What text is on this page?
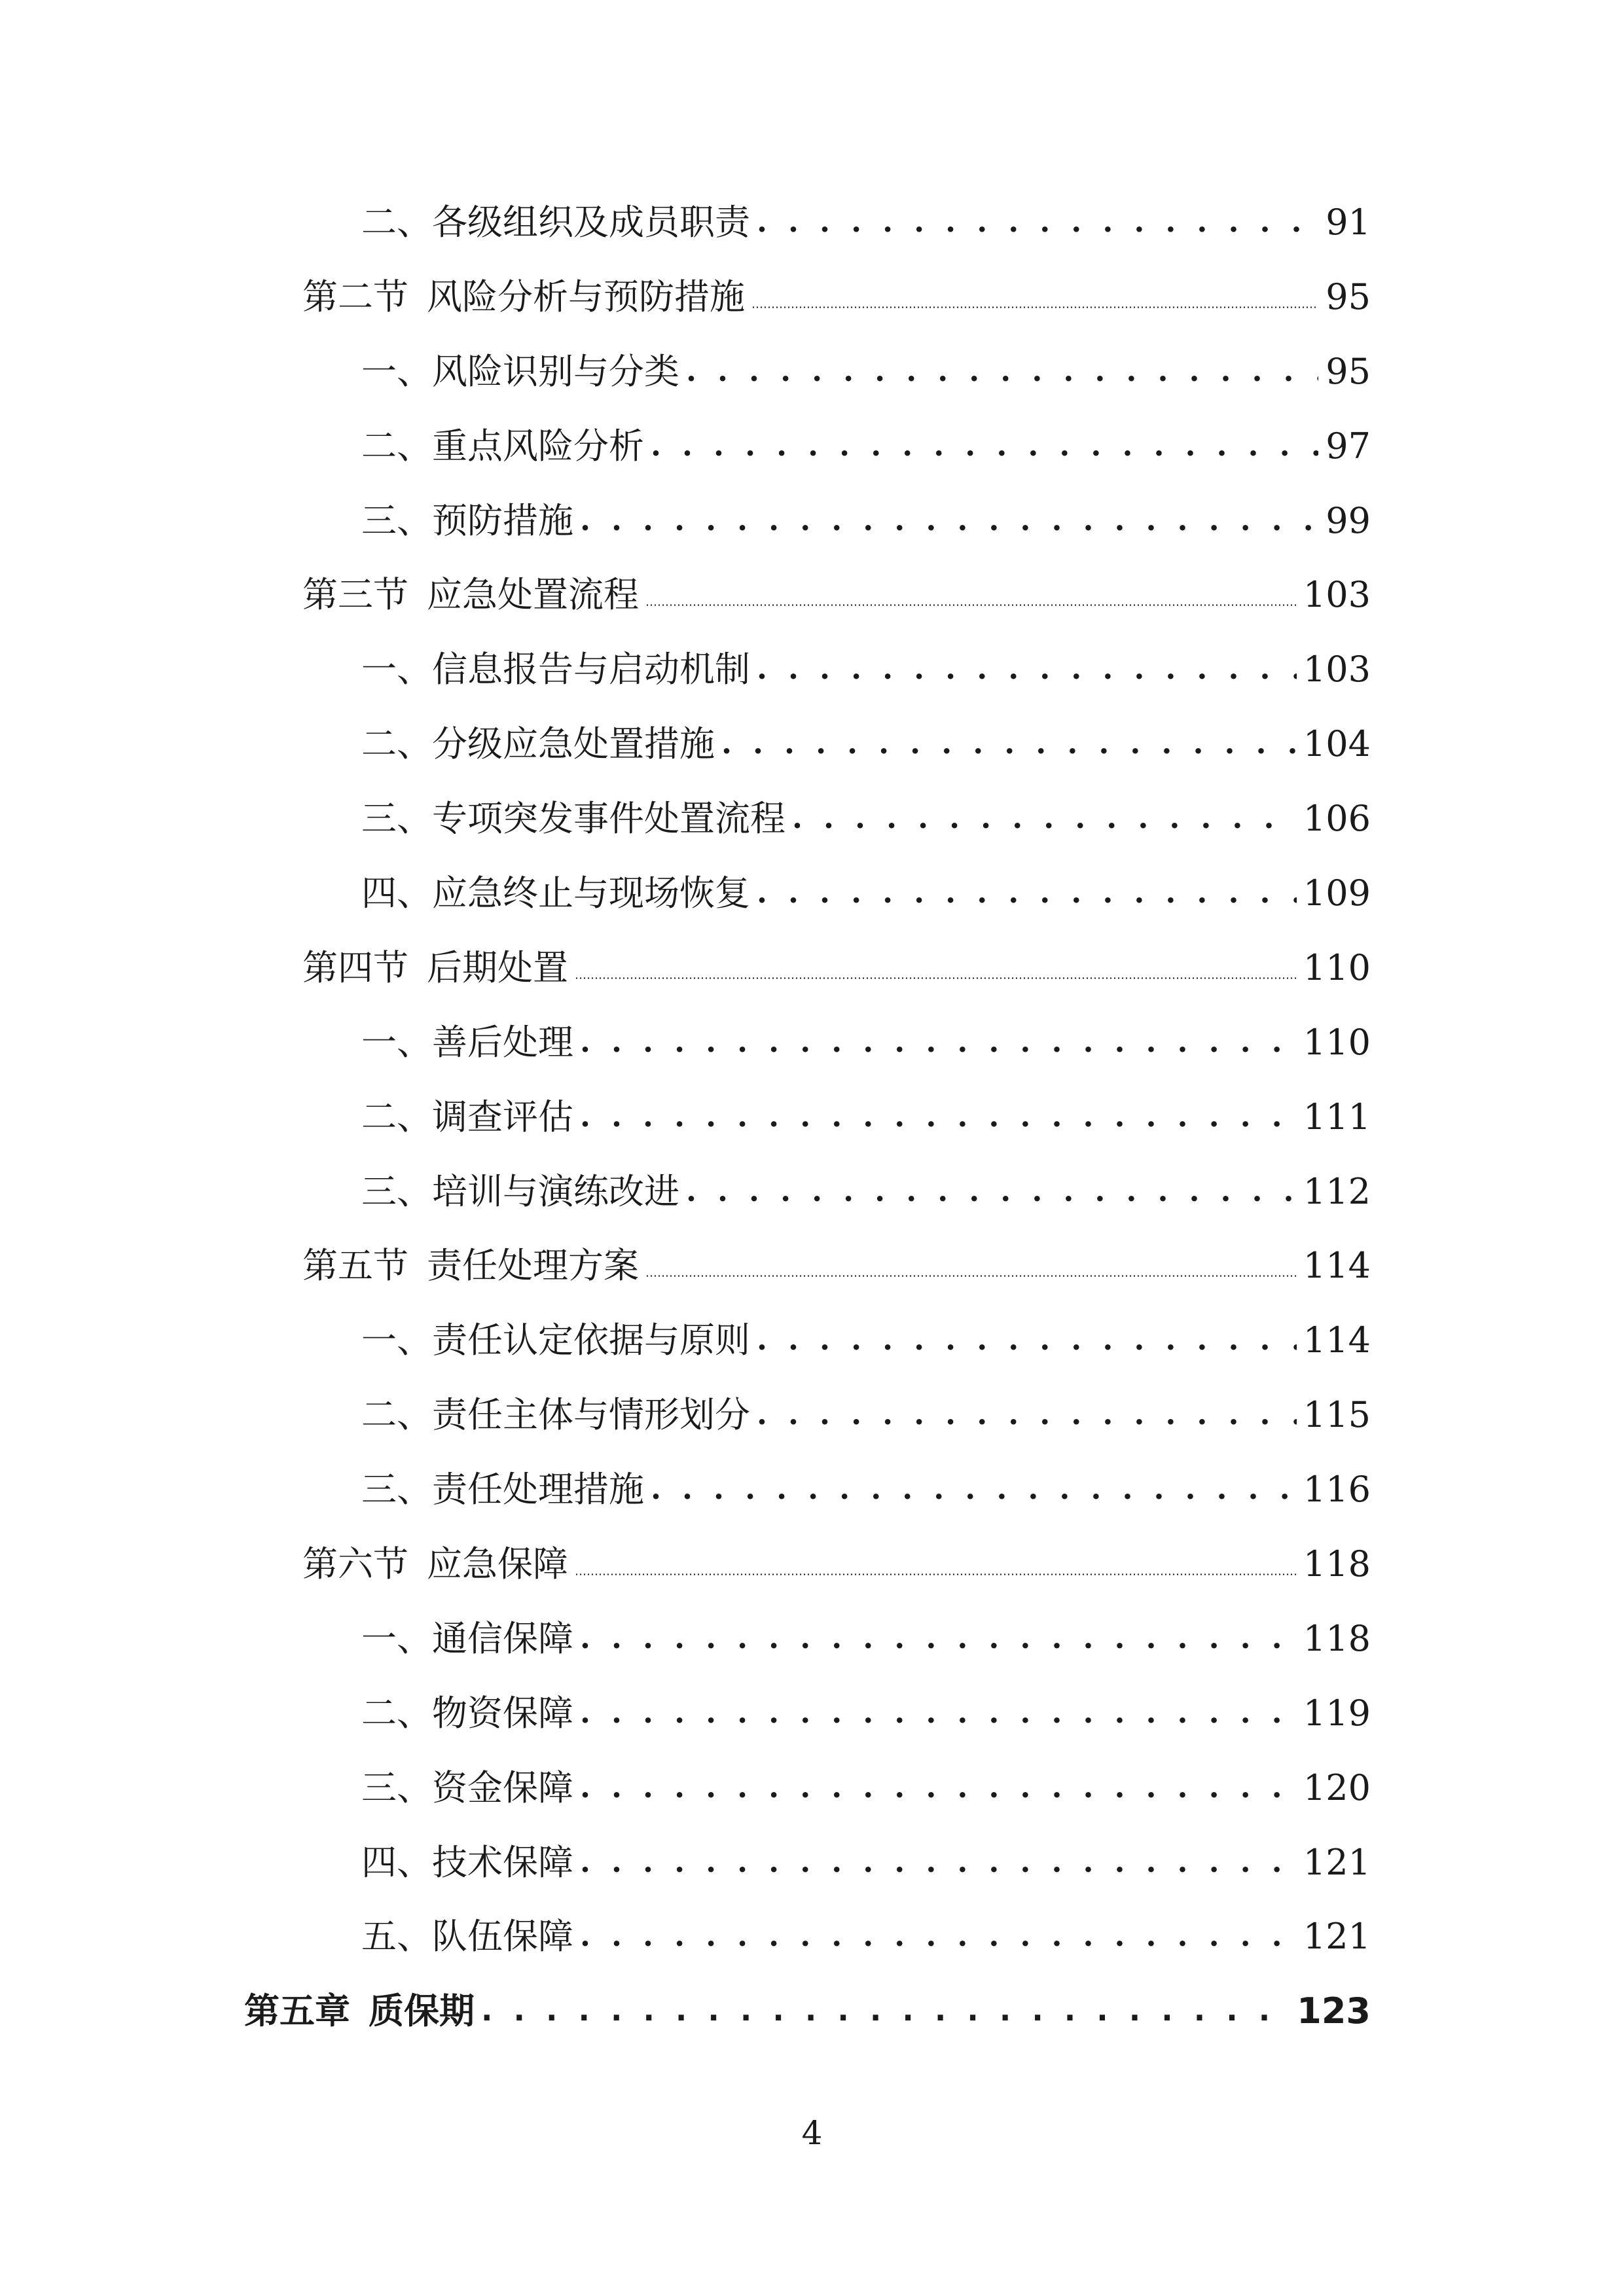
二、各级组织及成员职责 . . .	91
第二节 风险分析与预防措施	95
一、风险识别与分类 . . .	95
二、重点风险分析 . . .	97
三、预防措施 . . .	99
第三节 应急处置流程	103
一、信息报告与启动机制 . . .	103
二、分级应急处置措施 . . .	104
三、专项突发事件处置流程 . . .	106
四、应急终止与现场恢复 . . .	109
第四节 后期处置	110
一、善后处理 . . .	110
二、调查评估 . . .	111
三、培训与演练改进 . . .	112
第五节 责任处理方案	114
一、责任认定依据与原则 . . .	114
二、责任主体与情形划分 . . .	115
三、责任处理措施 . . .	116
第六节 应急保障	118
一、通信保障 . . .	118
二、物资保障 . . .	119
三、资金保障 . . .	120
四、技术保障 . . .	121
五、队伍保障 . . .	121
第五章 质保期 . . .	123
4
